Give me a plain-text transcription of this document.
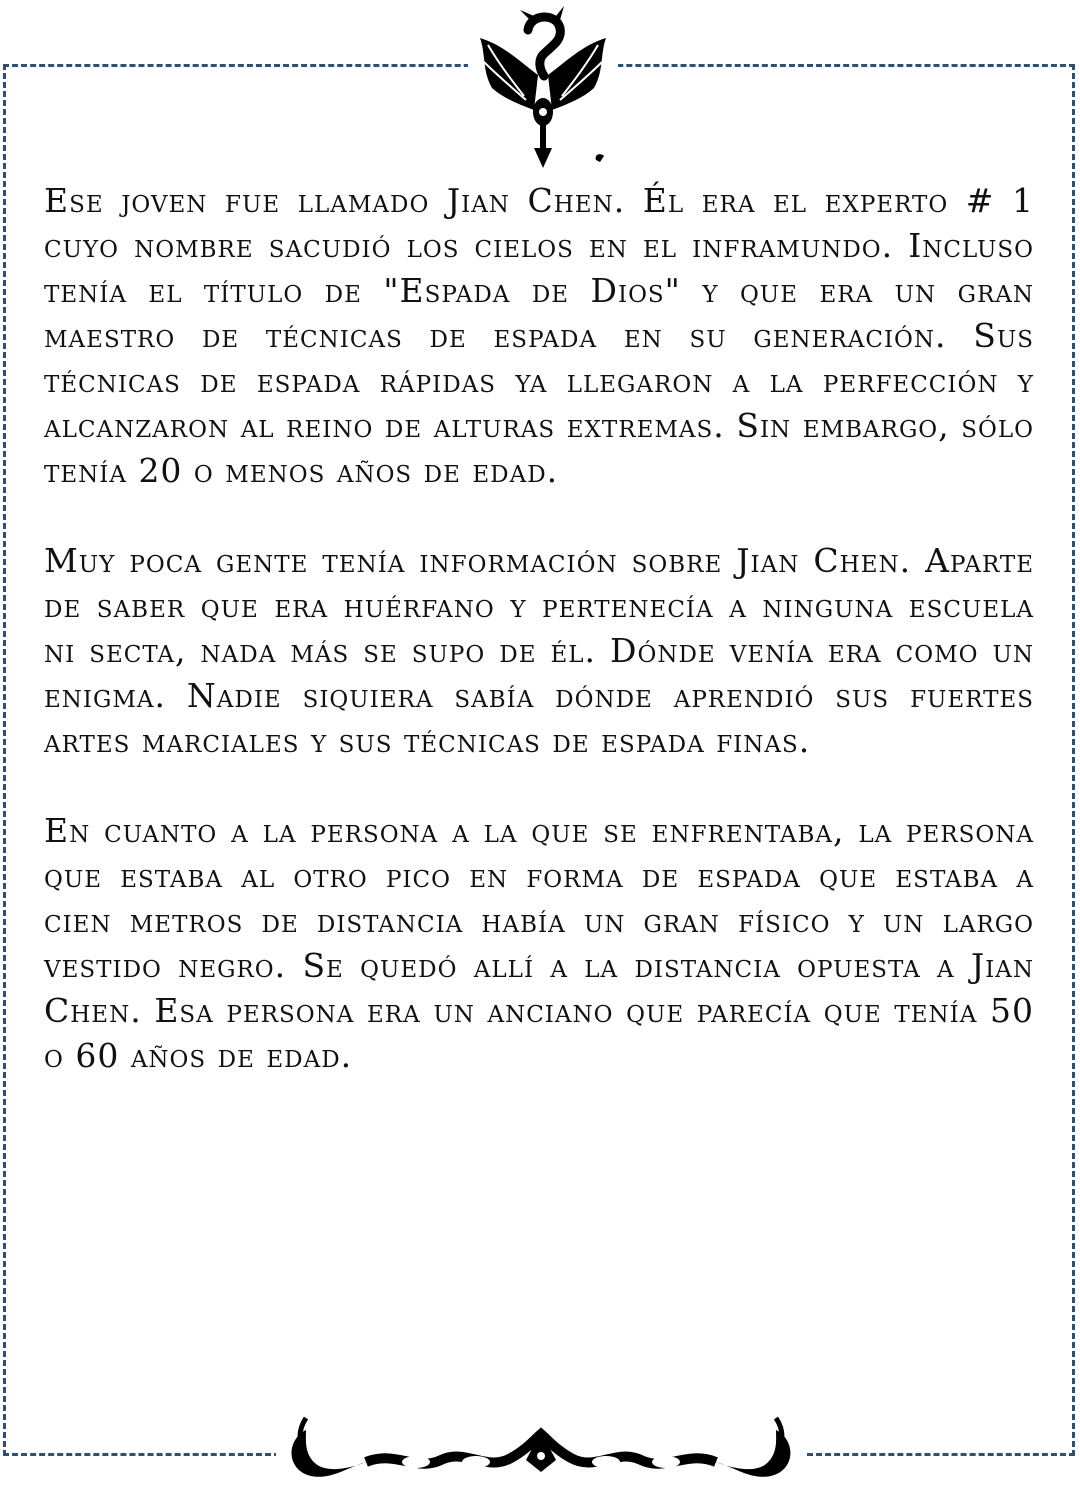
Ese joven fue llamado Jian Chen. Él era el experto # 1 cuyo nombre sacudió los cielos en el inframundo. Incluso tenía el título de "Espada de Dios" y que era un gran maestro de técnicas de espada en su generación. Sus técnicas de espada rápidas ya llegaron a la perfección y alcanzaron al reino de alturas extremas. Sin embargo, sólo tenía 20 o menos años de edad.

Muy poca gente tenía información sobre Jian Chen. Aparte de saber que era huérfano y pertenecía a ninguna escuela ni secta, nada más se supo de él. Dónde venía era como un enigma. Nadie siquiera sabía dónde aprendió sus fuertes artes marciales y sus técnicas de espada finas.

En cuanto a la persona a la que se enfrentaba, la persona que estaba al otro pico en forma de espada que estaba a cien metros de distancia había un gran físico y un largo vestido negro. Se quedó allí a la distancia opuesta a Jian Chen. Esa persona era un anciano que parecía que tenía 50 o 60 años de edad.
